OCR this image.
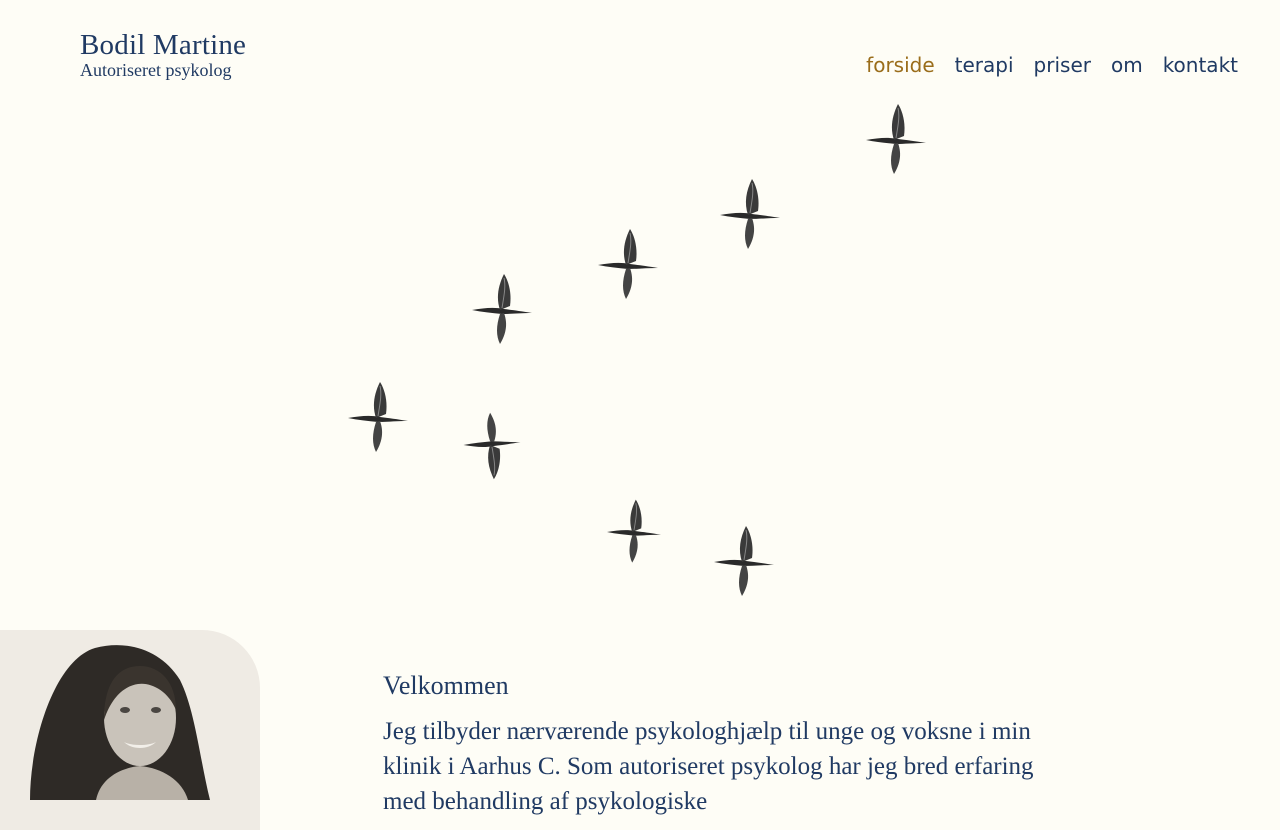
Bodil Martine
Autoriseret psykolog	forside terapi priser om kontakt
Velkommen

Jeg tilbyder nærværende psykologhjælp til unge og voksne i min klinik i Aarhus C. Som autoriseret psykolog har jeg bred erfaring med behandling af psykologiske
